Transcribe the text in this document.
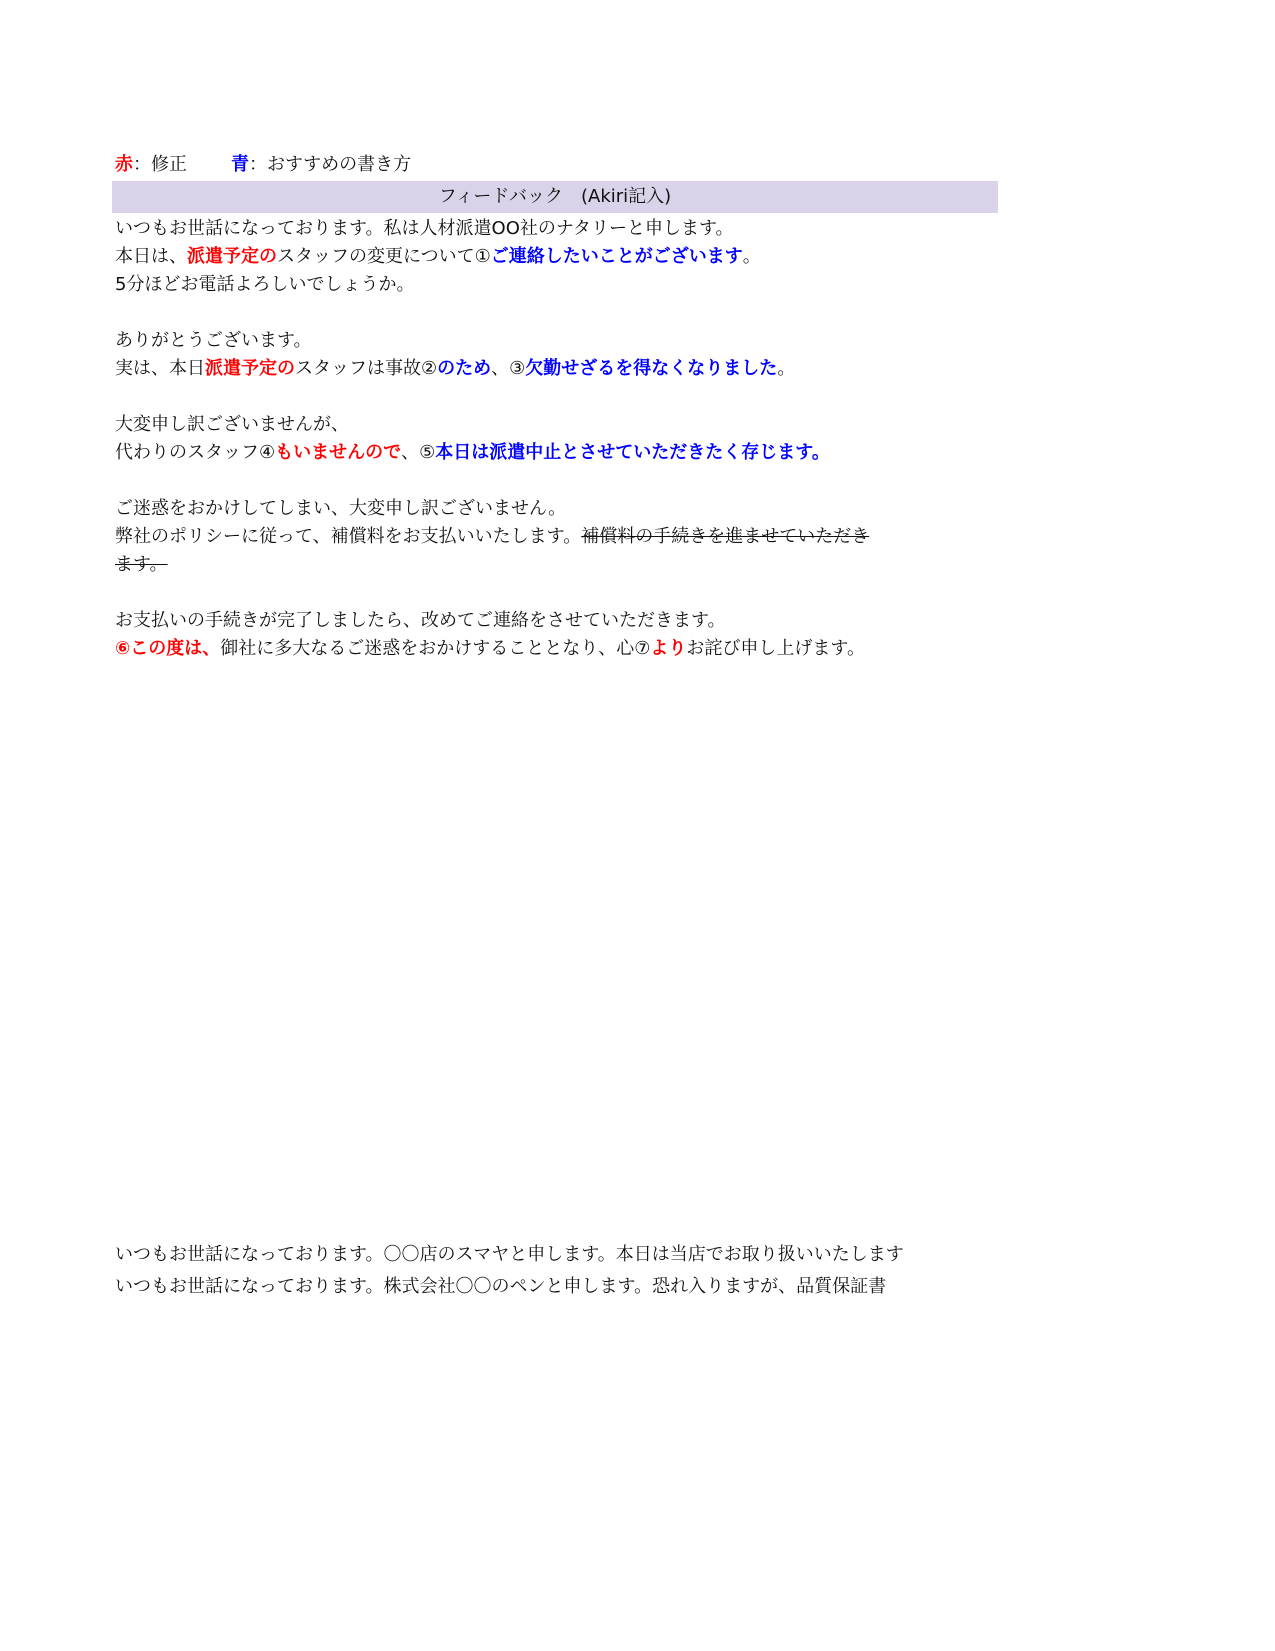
赤：修正 青：おすすめの書き方
フィードバック　(Akiri記入)
いつもお世話になっております。私は人材派遣OO社のナタリーと申します。
本日は、派遣予定のスタッフの変更について①ご連絡したいことがございます。
5分ほどお電話よろしいでしょうか。
ありがとうございます。
実は、本日派遣予定のスタッフは事故②のため、③欠勤せざるを得なくなりました。
大変申し訳ございませんが、
代わりのスタッフ④もいませんので、⑤本日は派遣中止とさせていただきたく存じます。
ご迷惑をおかけしてしまい、大変申し訳ございません。
弊社のポリシーに従って、補償料をお支払いいたします。補償料の手続きを進ませていただき
ます。
お支払いの手続きが完了しましたら、改めてご連絡をさせていただきます。
⑥この度は、御社に多大なるご迷惑をおかけすることとなり、心⑦よりお詫び申し上げます。
いつもお世話になっております。〇〇店のスマヤと申します。本日は当店でお取り扱いいたします
いつもお世話になっております。株式会社〇〇のペンと申します。恐れ入りますが、品質保証書
